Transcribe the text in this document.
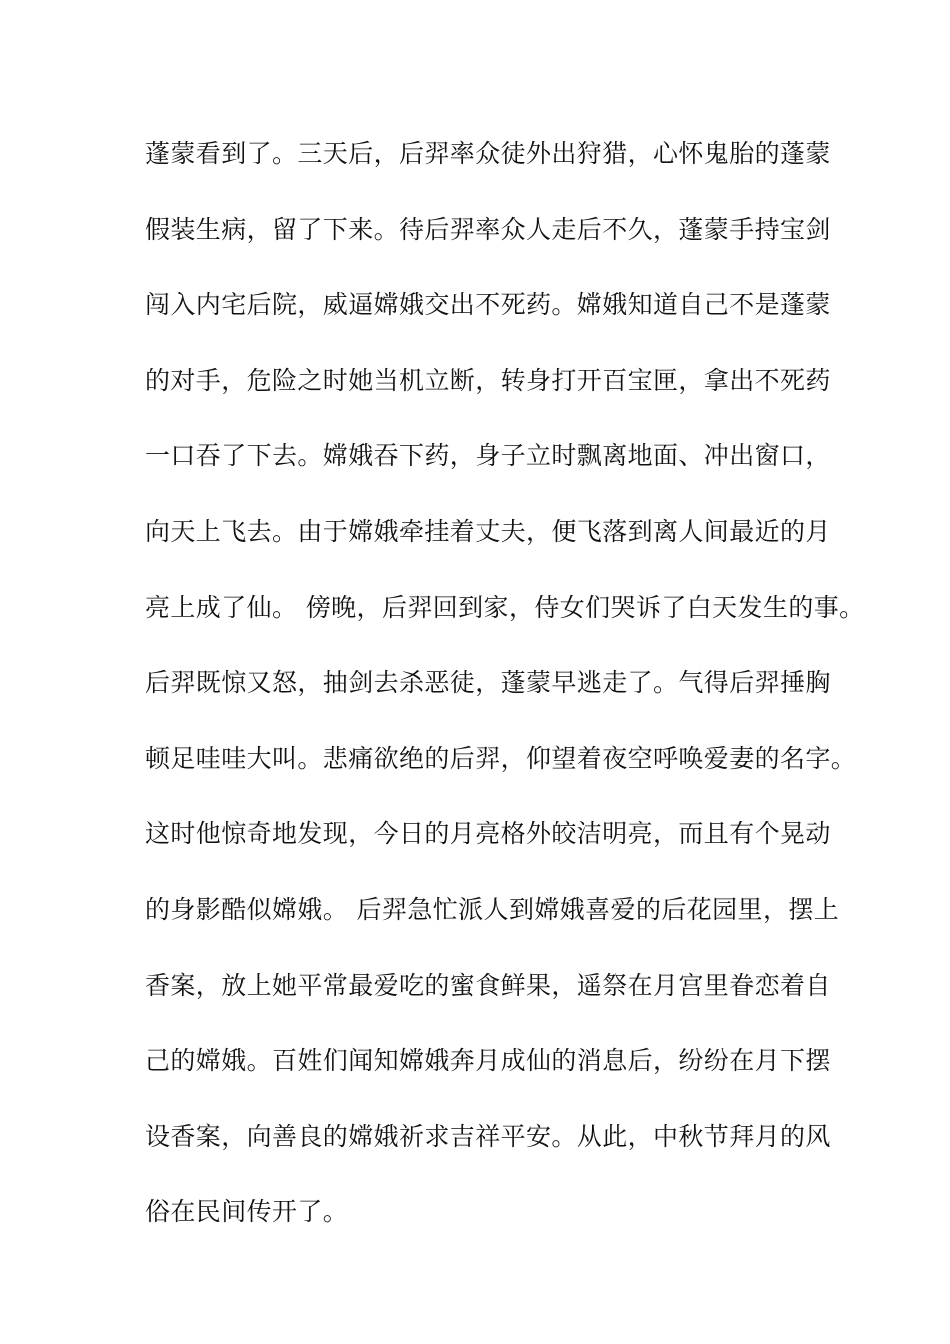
蓬蒙看到了。三天后，后羿率众徒外出狩猎，心怀鬼胎的蓬蒙
假装生病，留了下来。待后羿率众人走后不久，蓬蒙手持宝剑
闯入内宅后院，威逼嫦娥交出不死药。嫦娥知道自己不是蓬蒙
的对手，危险之时她当机立断，转身打开百宝匣，拿出不死药
一口吞了下去。嫦娥吞下药，身子立时飘离地面、冲出窗口，
向天上飞去。由于嫦娥牵挂着丈夫，便飞落到离人间最近的月
亮上成了仙。 傍晚，后羿回到家，侍女们哭诉了白天发生的事。
后羿既惊又怒，抽剑去杀恶徒，蓬蒙早逃走了。气得后羿捶胸
顿足哇哇大叫。悲痛欲绝的后羿，仰望着夜空呼唤爱妻的名字。
这时他惊奇地发现，今日的月亮格外皎洁明亮，而且有个晃动
的身影酷似嫦娥。 后羿急忙派人到嫦娥喜爱的后花园里，摆上
香案，放上她平常最爱吃的蜜食鲜果，遥祭在月宫里眷恋着自
己的嫦娥。百姓们闻知嫦娥奔月成仙的消息后，纷纷在月下摆
设香案，向善良的嫦娥祈求吉祥平安。从此，中秋节拜月的风
俗在民间传开了。
